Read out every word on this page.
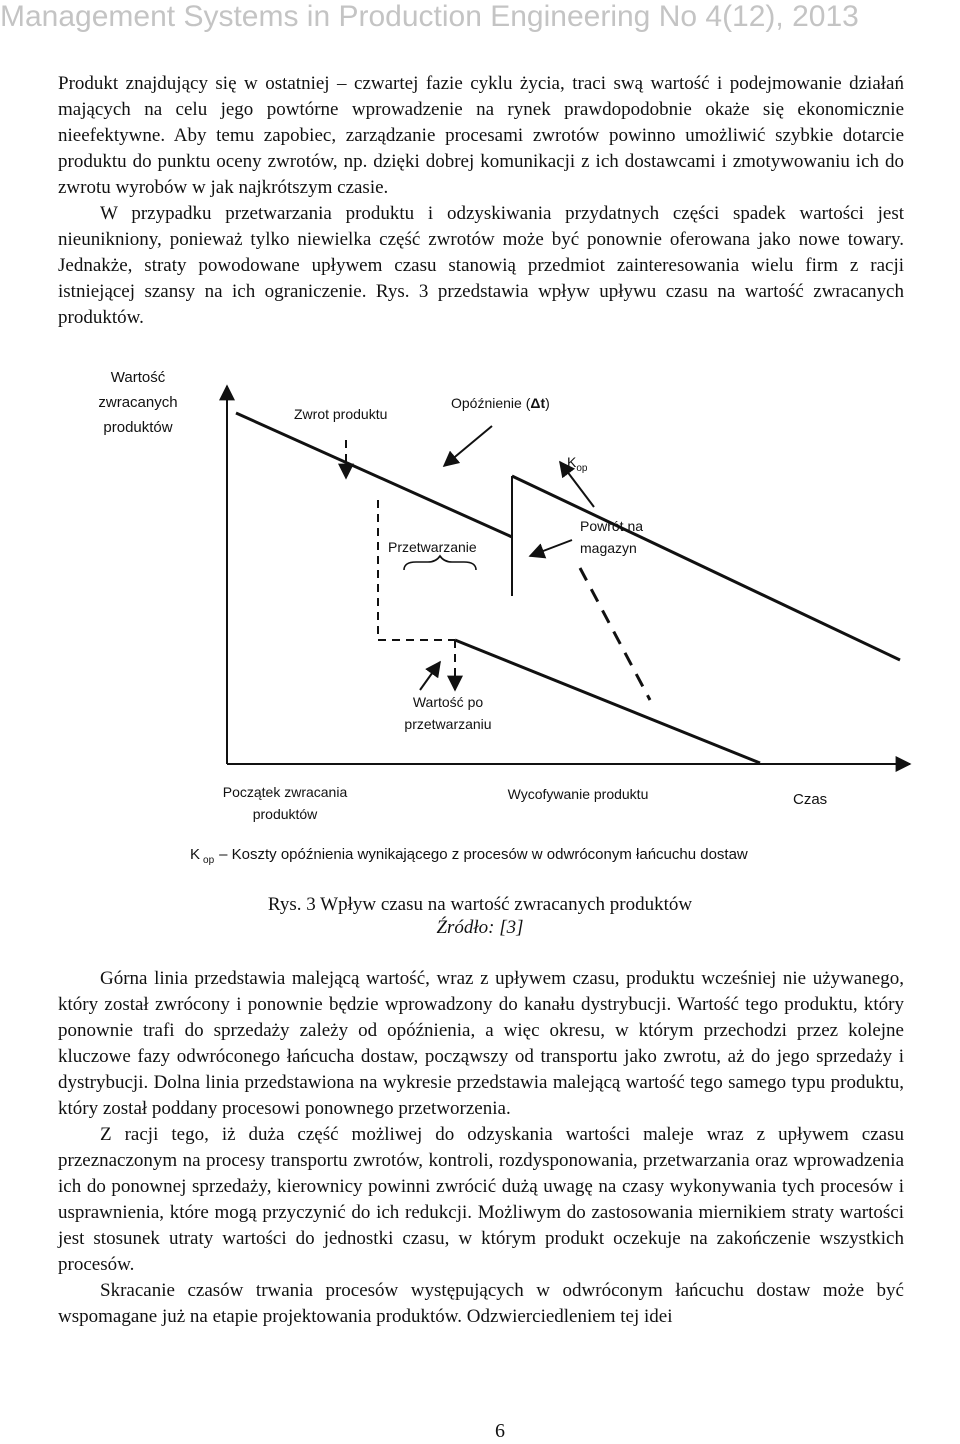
Management Systems in Production Engineering No 4(12), 2013

Produkt znajdujący się w ostatniej – czwartej fazie cyklu życia, traci swą wartość i podejmowanie działań mających na celu jego powtórne wprowadzenie na rynek prawdopodobnie okaże się ekonomicznie nieefektywne. Aby temu zapobiec, zarządzanie procesami zwrotów powinno umożliwić szybkie dotarcie produktu do punktu oceny zwrotów, np. dzięki dobrej komunikacji z ich dostawcami i zmotywowaniu ich do zwrotu wyrobów w jak najkrótszym czasie.

W przypadku przetwarzania produktu i odzyskiwania przydatnych części spadek wartości jest nieunikniony, ponieważ tylko niewielka część zwrotów może być ponownie oferowana jako nowe towary. Jednakże, straty powodowane upływem czasu stanowią przedmiot zainteresowania wielu firm z racji istniejącej szansy na ich ograniczenie. Rys. 3 przedstawia wpływ upływu czasu na wartość zwracanych produktów.

Wartość
zwracanych
produktów
Zwrot produktu
Opóźnienie (Δt)
$K_{op}$
Powrót na
magazyn
Przetwarzanie
Wartość po
przetwarzaniu
Początek zwracania
produktów
Wycofywanie produktu	Czas
K $_{op}$ – Koszty opóźnienia wynikającego z procesów w odwróconym łańcuchu dostaw
Rys. 3 Wpływ czasu na wartość zwracanych produktów
Źródło: [3]

Górna linia przedstawia malejącą wartość, wraz z upływem czasu, produktu wcześniej nie używanego, który został zwrócony i ponownie będzie wprowadzony do kanału dystrybucji. Wartość tego produktu, który ponownie trafi do sprzedaży zależy od opóźnienia, a więc okresu, w którym przechodzi przez kolejne kluczowe fazy odwróconego łańcucha dostaw, począwszy od transportu jako zwrotu, aż do jego sprzedaży i dystrybucji. Dolna linia przedstawiona na wykresie przedstawia malejącą wartość tego samego typu produktu, który został poddany procesowi ponownego przetworzenia.

Z racji tego, iż duża część możliwej do odzyskania wartości maleje wraz z upływem czasu przeznaczonym na procesy transportu zwrotów, kontroli, rozdysponowania, przetwarzania oraz wprowadzenia ich do ponownej sprzedaży, kierownicy powinni zwrócić dużą uwagę na czasy wykonywania tych procesów i usprawnienia, które mogą przyczynić do ich redukcji. Możliwym do zastosowania miernikiem straty wartości jest stosunek utraty wartości do jednostki czasu, w którym produkt oczekuje na zakończenie wszystkich procesów.

Skracanie czasów trwania procesów występujących w odwróconym łańcuchu dostaw może być wspomagane już na etapie projektowania produktów. Odzwierciedleniem tej idei

6
